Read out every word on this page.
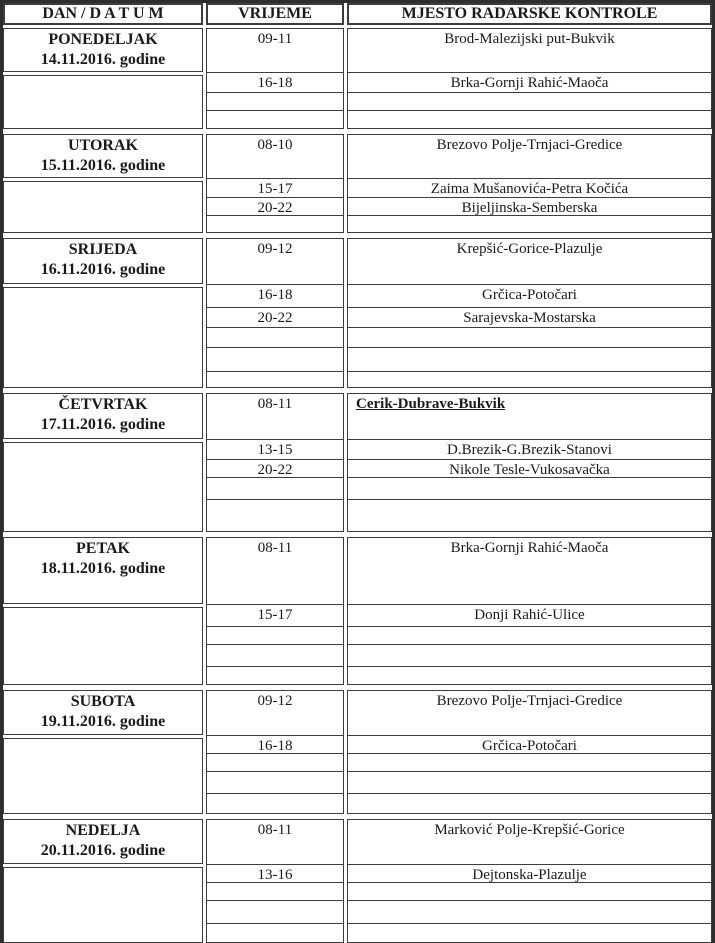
DAN / D A T U M	VRIJEME	MJESTO RADARSKE KONTROLE
PONEDELJAK
14.11.2016. godine
09-11
16-18
Brod-Malezijski put-Bukvik
Brka-Gornji Rahić-Maoča
UTORAK
15.11.2016. godine
08-10
15-17
20-22
Brezovo Polje-Trnjaci-Gredice
Zaima Mušanovića-Petra Kočića
Bijeljinska-Semberska
SRIJEDA
16.11.2016. godine
09-12
16-18
20-22
Krepšić-Gorice-Plazulje
Grčica-Potočari
Sarajevska-Mostarska
ČETVRTAK
17.11.2016. godine
08-11
13-15
20-22
Cerik-Dubrave-Bukvik
D.Brezik-G.Brezik-Stanovi
Nikole Tesle-Vukosavačka
PETAK
18.11.2016. godine
08-11
15-17
Brka-Gornji Rahić-Maoča
Donji Rahić-Ulice
SUBOTA
19.11.2016. godine
09-12
16-18
Brezovo Polje-Trnjaci-Gredice
Grčica-Potočari
NEDELJA
20.11.2016. godine
08-11
13-16
Marković Polje-Krepšić-Gorice
Dejtonska-Plazulje
